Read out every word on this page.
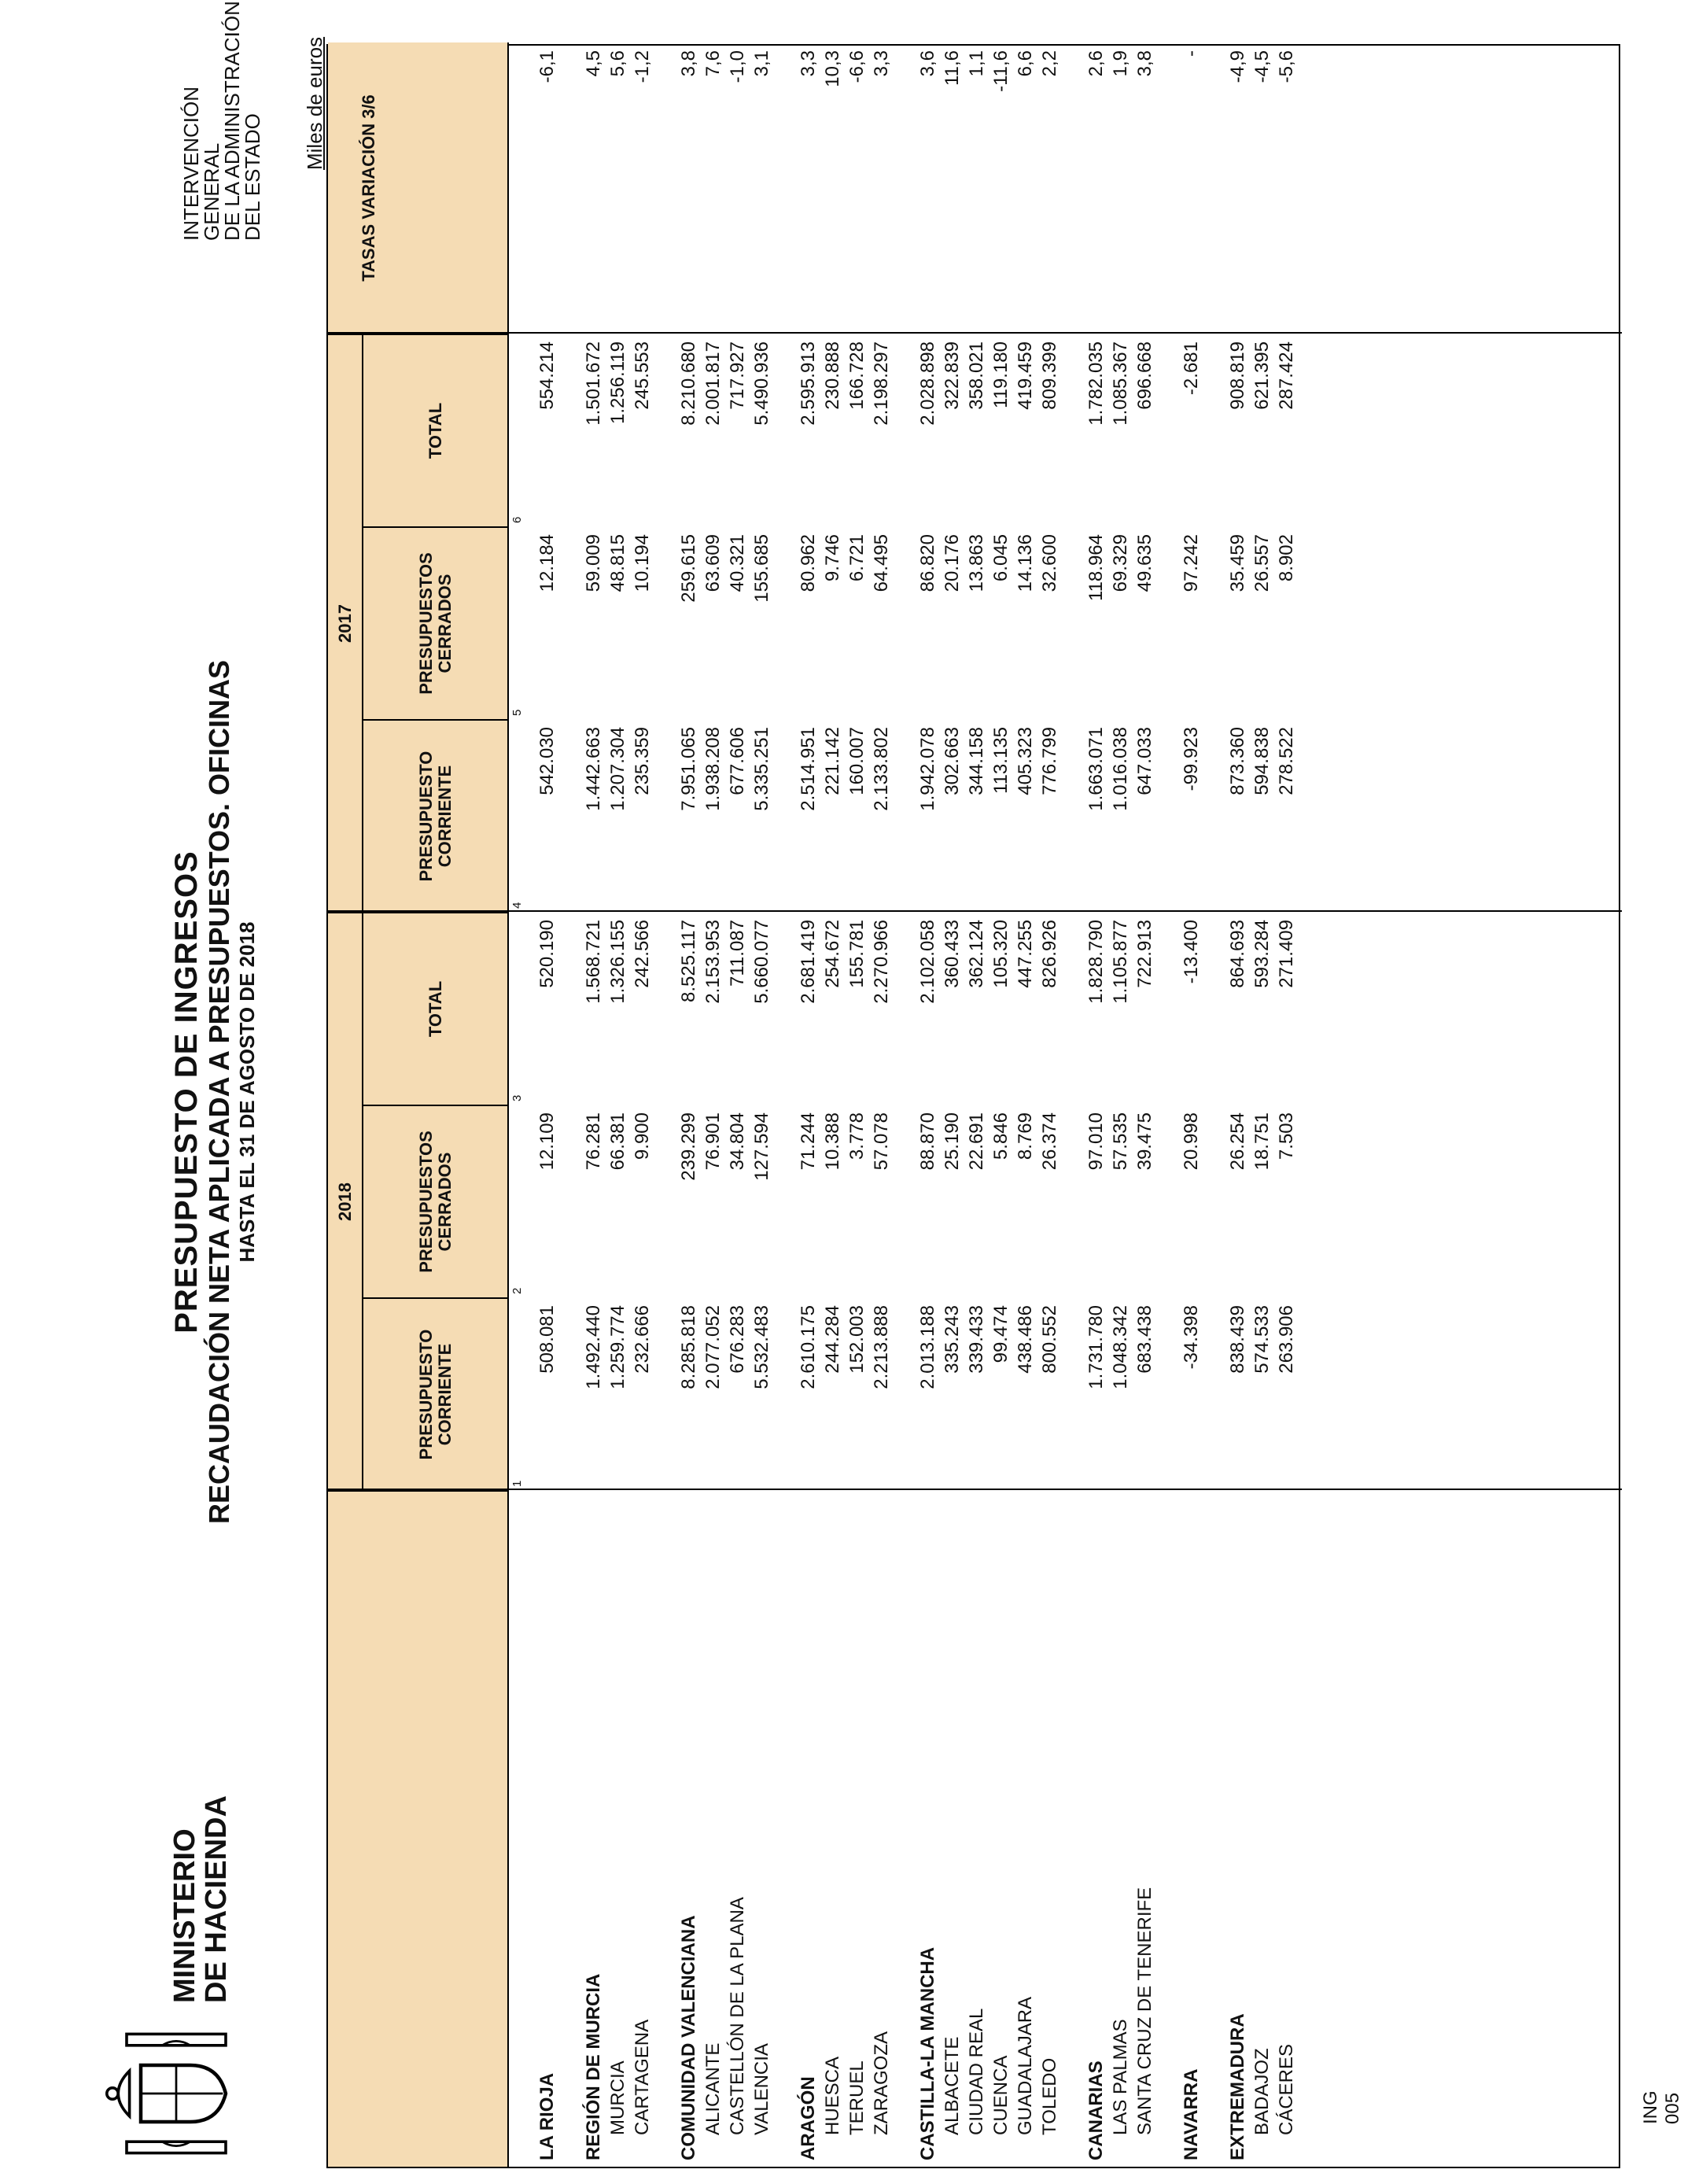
MINISTERIO
DE HACIENDA
PRESUPUESTO DE INGRESOS RECAUDACIÓN NETA APLICADA A PRESUPUESTOS. OFICINAS HASTA EL 31 DE AGOSTO DE 2018
INTERVENCIÓN GENERAL
DE LA ADMINISTRACIÓN DEL ESTADO
Miles de euros
2018
2017
TASAS VARIACIÓN 3/6
PRESUPUESTO CORRIENTE
1
PRESUPUESTOS CERRADOS
2
TOTAL
3
PRESUPUESTO CORRIENTE
4
PRESUPUESTOS CERRADOS
5
TOTAL
6
LA RIOJA
508.081
12.109
520.190
542.030
12.184
554.214
-6,1
REGIÓN DE MURCIA
1.492.440
76.281
1.568.721
1.442.663
59.009
1.501.672
4,5
MURCIA
1.259.774
66.381
1.326.155
1.207.304
48.815
1.256.119
5,6
CARTAGENA
232.666
9.900
242.566
235.359
10.194
245.553
-1,2
COMUNIDAD VALENCIANA
8.285.818
239.299
8.525.117
7.951.065
259.615
8.210.680
3,8
ALICANTE
2.077.052
76.901
2.153.953
1.938.208
63.609
2.001.817
7,6
CASTELLÓN DE LA PLANA
676.283
34.804
711.087
677.606
40.321
717.927
-1,0
VALENCIA
5.532.483
127.594
5.660.077
5.335.251
155.685
5.490.936
3,1
ARAGÓN
2.610.175
71.244
2.681.419
2.514.951
80.962
2.595.913
3,3
HUESCA
244.284
10.388
254.672
221.142
9.746
230.888
10,3
TERUEL
152.003
3.778
155.781
160.007
6.721
166.728
-6,6
ZARAGOZA
2.213.888
57.078
2.270.966
2.133.802
64.495
2.198.297
3,3
CASTILLA-LA MANCHA
2.013.188
88.870
2.102.058
1.942.078
86.820
2.028.898
3,6
ALBACETE
335.243
25.190
360.433
302.663
20.176
322.839
11,6
CIUDAD REAL
339.433
22.691
362.124
344.158
13.863
358.021
1,1
CUENCA
99.474
5.846
105.320
113.135
6.045
119.180
-11,6
GUADALAJARA
438.486
8.769
447.255
405.323
14.136
419.459
6,6
TOLEDO
800.552
26.374
826.926
776.799
32.600
809.399
2,2
CANARIAS
1.731.780
97.010
1.828.790
1.663.071
118.964
1.782.035
2,6
LAS PALMAS
1.048.342
57.535
1.105.877
1.016.038
69.329
1.085.367
1,9
SANTA CRUZ DE TENERIFE
683.438
39.475
722.913
647.033
49.635
696.668
3,8
NAVARRA
-34.398
20.998
-13.400
-99.923
97.242
-2.681
-
EXTREMADURA
838.439
26.254
864.693
873.360
35.459
908.819
-4,9
BADAJOZ
574.533
18.751
593.284
594.838
26.557
621.395
-4,5
CÁCERES
263.906
7.503
271.409
278.522
8.902
287.424
-5,6
ING 005
